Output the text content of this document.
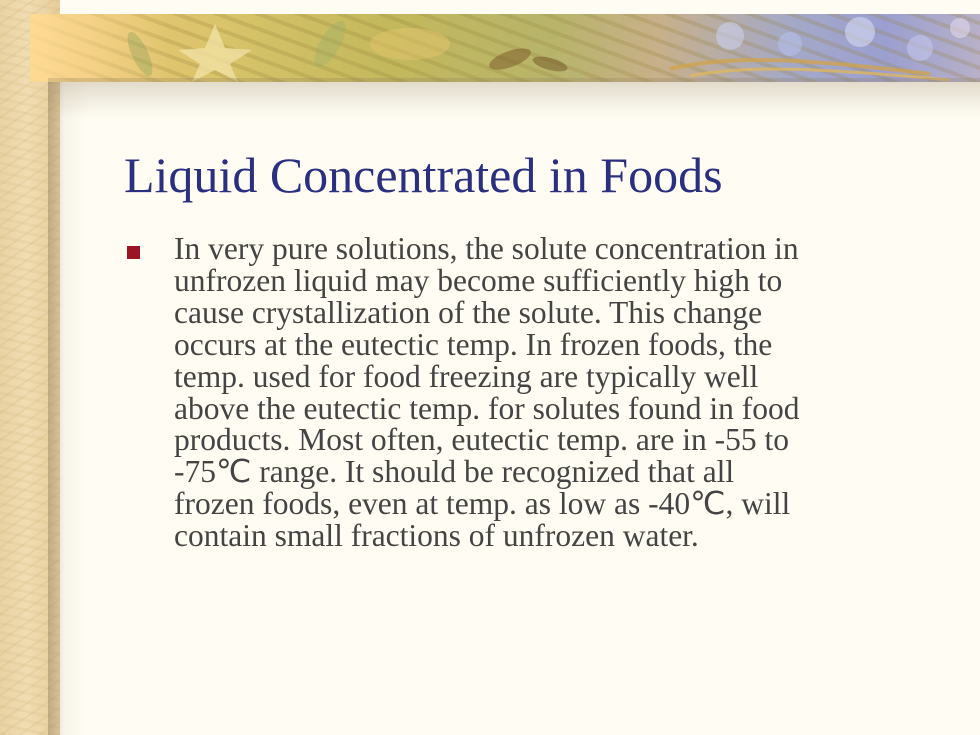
Liquid Concentrated in Foods
In very pure solutions, the solute concentration in
unfrozen liquid may become sufficiently high to
cause crystallization of the solute. This change
occurs at the eutectic temp. In frozen foods, the
temp. used for food freezing are typically well
above the eutectic temp. for solutes found in food
products. Most often, eutectic temp. are in -55 to
-75℃ range. It should be recognized that all
frozen foods, even at temp. as low as -40℃, will
contain small fractions of unfrozen water.
